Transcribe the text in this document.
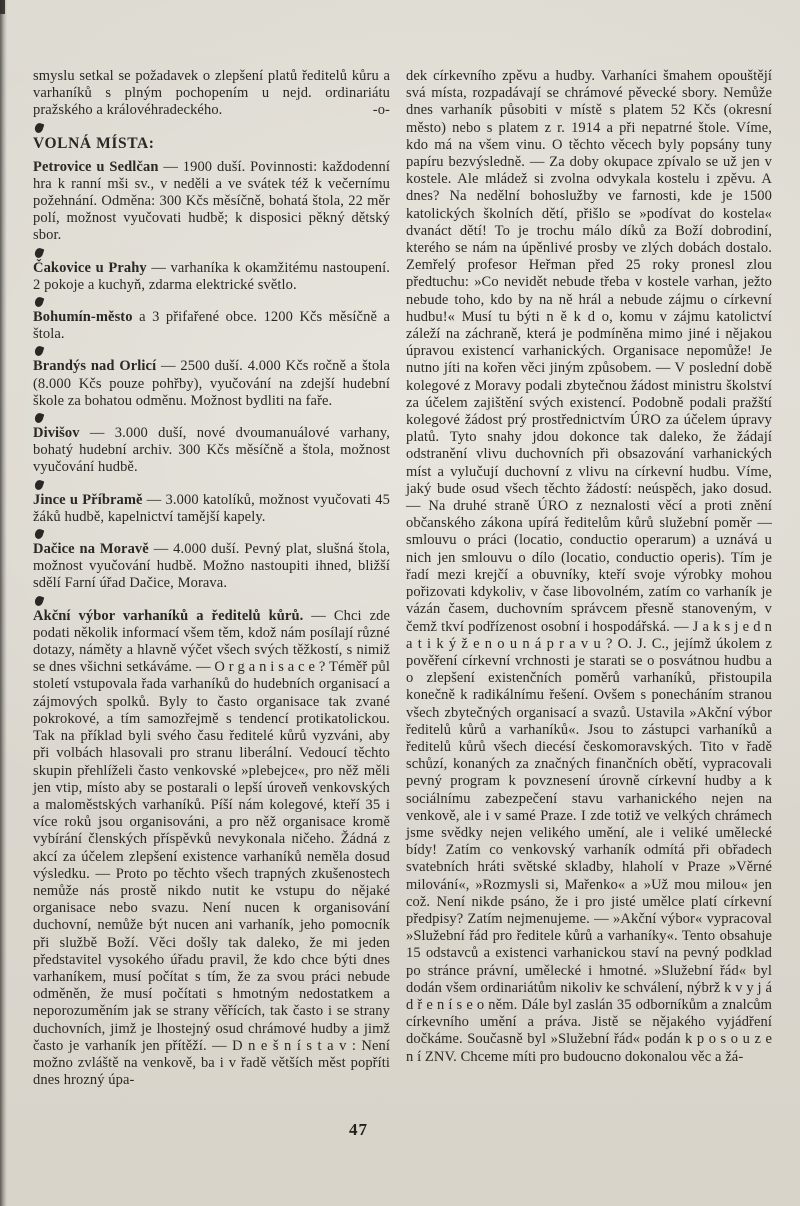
smyslu setkal se požadavek o zlepšení platů ředitelů kůru a varhaníků s plným pochopením u nejd. ordinariátu pražského a královéhradeckého.	-o-

VOLNÁ MÍSTA:

Petrovice u Sedlčan — 1900 duší. Povinnosti: každodenní hra k ranní mši sv., v neděli a ve svátek též k večernímu požehnání. Odměna: 300 Kčs měsíčně, bohatá štola, 22 měr polí, možnost vyučovati hudbě; k disposici pěkný dětský sbor.

Čakovice u Prahy — varhaníka k okamžitému nastoupení. 2 pokoje a kuchyň, zdarma elektrické světlo.

Bohumín-město a 3 přifařené obce. 1200 Kčs měsíčně a štola.

Brandýs nad Orlicí — 2500 duší. 4.000 Kčs ročně a štola (8.000 Kčs pouze pohřby), vyučování na zdejší hudební škole za bohatou odměnu. Možnost bydliti na faře.

Divišov — 3.000 duší, nové dvoumanuálové varhany, bohatý hudební archiv. 300 Kčs měsíčně a štola, možnost vyučování hudbě.

Jince u Příbramě — 3.000 katolíků, možnost vyučovati 45 žáků hudbě, kapelnictví tamější kapely.

Dačice na Moravě — 4.000 duší. Pevný plat, slušná štola, možnost vyučování hudbě. Možno nastoupiti ihned, bližší sdělí Farní úřad Dačice, Morava.

Akční výbor varhaníků a ředitelů kůrů. — Chci zde podati několik informací všem těm, kdož nám posílají různé dotazy, náměty a hlavně výčet všech svých těžkostí, s nimiž se dnes všichni setkáváme. — O r g a n i s a c e ? Téměř půl století vstupovala řada varhaníků do hudebních organisací a zájmových spolků. Byly to často organisace tak zvané pokrokové, a tím samozřejmě s tendencí protikatolickou. Tak na příklad byli svého času ředitelé kůrů vyzváni, aby při volbách hlasovali pro stranu liberální. Vedoucí těchto skupin přehlíželi často venkovské »plebejce«, pro něž měli jen vtip, místo aby se postarali o lepší úroveň venkovských a maloměstských varhaníků. Píší nám kolegové, kteří 35 i více roků jsou organisováni, a pro něž organisace kromě vybírání členských příspěvků nevykonala ničeho. Žádná z akcí za účelem zlepšení existence varhaníků neměla dosud výsledku. — Proto po těchto všech trapných zkušenostech nemůže nás prostě nikdo nutit ke vstupu do nějaké organisace nebo svazu. Není nucen k organisování duchovní, nemůže být nucen ani varhaník, jeho pomocník při službě Boží. Věci došly tak daleko, že mi jeden představitel vysokého úřadu pravil, že kdo chce býti dnes varhaníkem, musí počítat s tím, že za svou práci nebude odměněn, že musí počítati s hmotným nedostatkem a neporozuměním jak se strany věřících, tak často i se strany duchovních, jimž je lhostejný osud chrámové hudby a jimž často je varhaník jen přítěží. — D n e š n í s t a v : Není možno zvláště na venkově, ba i v řadě větších měst popříti dnes hrozný úpa-

dek církevního zpěvu a hudby. Varhaníci šmahem opouštějí svá místa, rozpadávají se chrámové pěvecké sbory. Nemůže dnes varhaník působiti v místě s platem 52 Kčs (okresní město) nebo s platem z r. 1914 a při nepatrné štole. Víme, kdo má na všem vinu. O těchto věcech byly popsány tuny papíru bezvýsledně. — Za doby okupace zpívalo se už jen v kostele. Ale mládež si zvolna odvykala kostelu i zpěvu. A dnes? Na nedělní bohoslužby ve farnosti, kde je 1500 katolických školních dětí, přišlo se »podívat do kostela« dvanáct dětí! To je trochu málo díků za Boží dobrodiní, kterého se nám na úpěnlivé prosby ve zlých dobách dostalo. Zemřelý profesor Heřman před 25 roky pronesl zlou předtuchu: »Co nevidět nebude třeba v kostele varhan, ježto nebude toho, kdo by na ně hrál a nebude zájmu o církevní hudbu!« Musí tu býti n ě k d o, komu v zájmu katolictví záleží na záchraně, která je podmíněna mimo jiné i nějakou úpravou existencí varhanických. Organisace nepomůže! Je nutno jíti na kořen věci jiným způsobem. — V poslední době kolegové z Moravy podali zbytečnou žádost ministru školství za účelem zajištění svých existencí. Podobně podali pražští kolegové žádost prý prostřednictvím ÚRO za účelem úpravy platů. Tyto snahy jdou dokonce tak daleko, že žádají odstranění vlivu duchovních při obsazování varhanických míst a vylučují duchovní z vlivu na církevní hudbu. Víme, jaký bude osud všech těchto žádostí: neúspěch, jako dosud. — Na druhé straně ÚRO z neznalosti věcí a proti znění občanského zákona upírá ředitelům kůrů služební poměr — smlouvu o práci (locatio, conductio operarum) a uznává u nich jen smlouvu o dílo (locatio, conductio operis). Tím je řadí mezi krejčí a obuvníky, kteří svoje výrobky mohou pořizovati kdykoliv, v čase libovolném, zatím co varhaník je vázán časem, duchovním správcem přesně stanoveným, v čemž tkví podřízenost osobní i hospodářská. — J a k s j e d n a t i k ý ž e n o u n á p r a v u ? O. J. C., jejímž úkolem z pověření církevní vrchnosti je starati se o posvátnou hudbu a o zlepšení existenčních poměrů varhaníků, přistoupila konečně k radikálnímu řešení. Ovšem s ponecháním stranou všech zbytečných organisací a svazů. Ustavila »Akční výbor ředitelů kůrů a varhaníků«. Jsou to zástupci varhaníků a ředitelů kůrů všech diecésí českomoravských. Tito v řadě schůzí, konaných za značných finančních obětí, vypracovali pevný program k povznesení úrovně církevní hudby a k sociálnímu zabezpečení stavu varhanického nejen na venkově, ale i v samé Praze. I zde totiž ve velkých chrámech jsme svědky nejen velikého umění, ale i veliké umělecké bídy! Zatím co venkovský varhaník odmítá při obřadech svatebních hráti světské skladby, hlaholí v Praze »Věrné milování«, »Rozmysli si, Mařenko« a »Už mou milou« jen což. Není nikde psáno, že i pro jisté umělce platí církevní předpisy? Zatím nejmenujeme. — »Akční výbor« vypracoval »Služební řád pro ředitele kůrů a varhaníky«. Tento obsahuje 15 odstavců a existenci varhanickou staví na pevný podklad po stránce právní, umělecké i hmotné. »Služební řád« byl dodán všem ordinariátům nikoliv ke schválení, nýbrž k v y j á d ř e n í s e o něm. Dále byl zaslán 35 odborníkům a znalcům církevního umění a práva. Jistě se nějakého vyjádření dočkáme. Současně byl »Služební řád« podán k p o s o u z e n í ZNV. Chceme míti pro budoucno dokonalou věc a žá-

47
